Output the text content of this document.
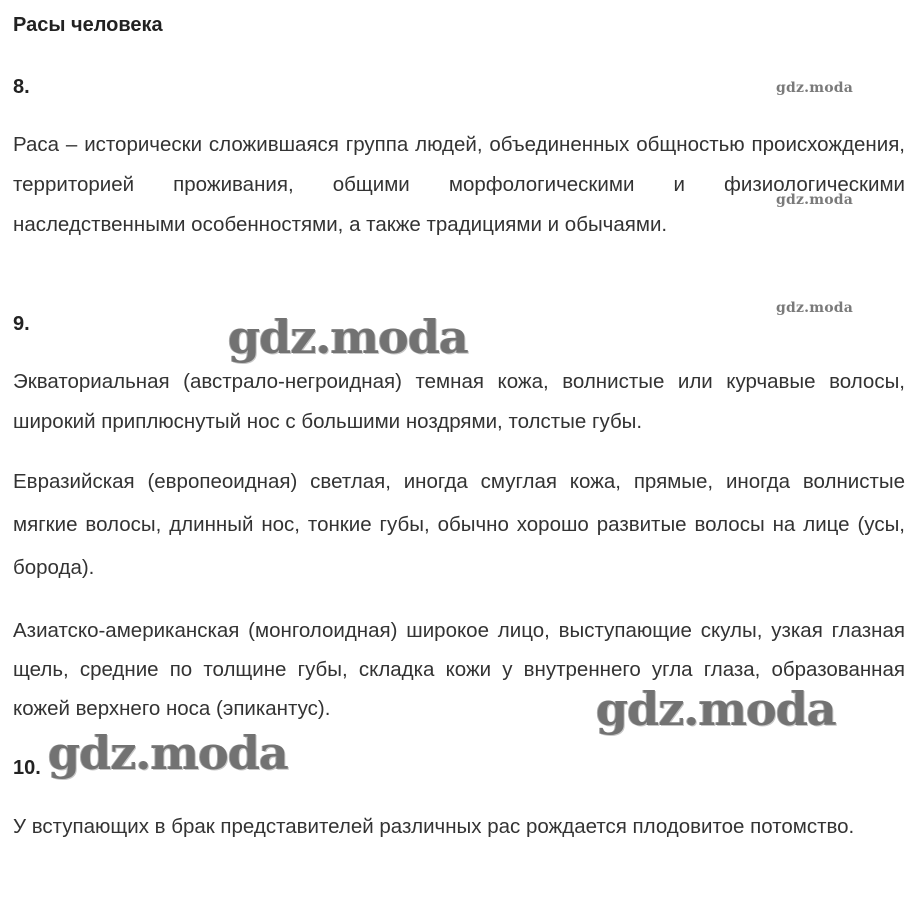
Расы человека
8.

Раса – исторически сложившаяся группа людей, объединенных общностью происхождения, территорией проживания, общими морфологическими и физиологическими наследственными особенностями, а также традициями и обычаями.

9.

Экваториальная (австрало-негроидная) темная кожа, волнистые или курчавые волосы, широкий приплюснутый нос с большими ноздрями, толстые губы.

Евразийская (европеоидная) светлая, иногда смуглая кожа, прямые, иногда волнистые мягкие волосы, длинный нос, тонкие губы, обычно хорошо развитые волосы на лице (усы, борода).

Азиатско-американская (монголоидная) широкое лицо, выступающие скулы, узкая глазная щель, средние по толщине губы, складка кожи у внутреннего угла глаза, образованная кожей верхнего носа (эпикантус).

10.

У вступающих в брак представителей различных рас рождается плодовитое потомство.

gdz.moda
gdz.moda
gdz.moda
gdz.moda
gdz.moda
gdz.moda
